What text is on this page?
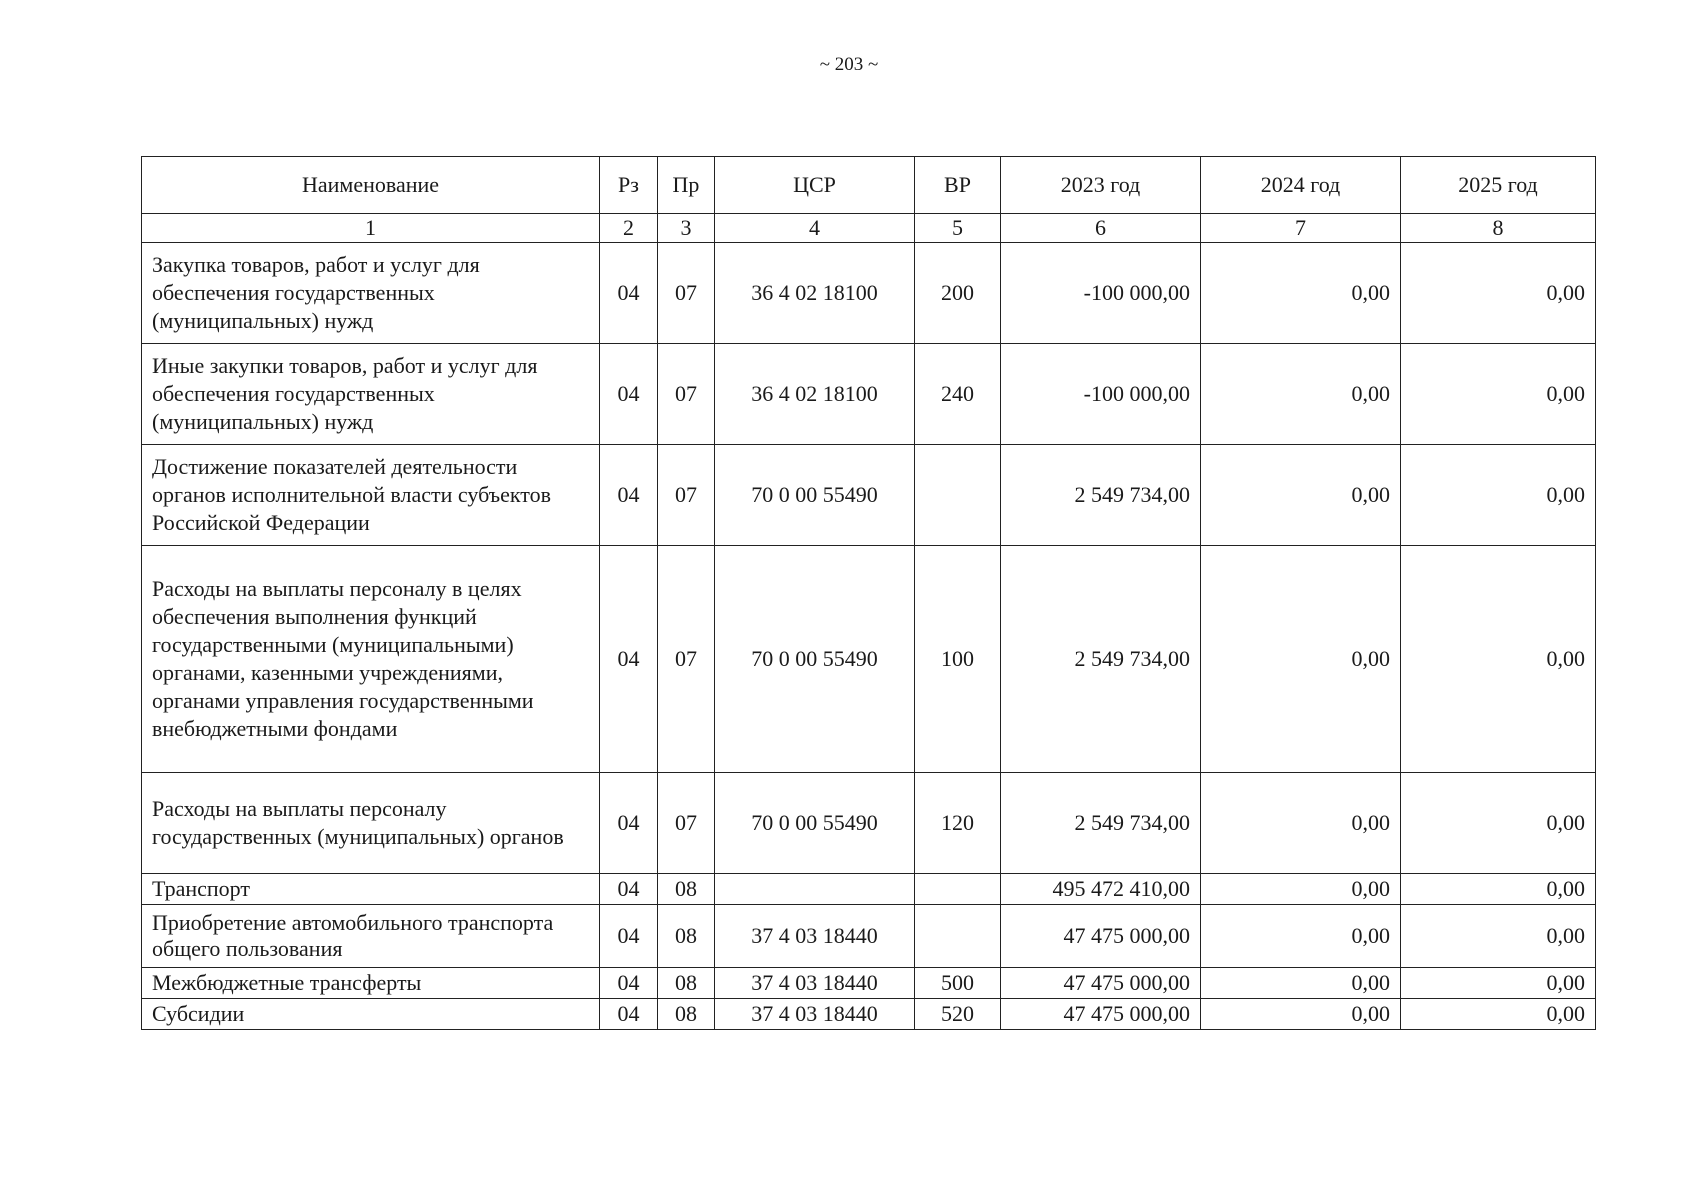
~ 203 ~
Наименование	Рз	Пр	ЦСР	ВР	2023 год	2024 год	2025 год
1	2	3	4	5	6	7	8
Закупка товаров, работ и услуг для обеспечения государственных (муниципальных) нужд	04	07	36 4 02 18100	200	-100 000,00	0,00	0,00
Иные закупки товаров, работ и услуг для обеспечения государственных (муниципальных) нужд	04	07	36 4 02 18100	240	-100 000,00	0,00	0,00
Достижение показателей деятельности органов исполнительной власти субъектов Российской Федерации	04	07	70 0 00 55490		2 549 734,00	0,00	0,00
Расходы на выплаты персоналу в целях обеспечения выполнения функций государственными (муниципальными) органами, казенными учреждениями, органами управления государственными внебюджетными фондами	04	07	70 0 00 55490	100	2 549 734,00	0,00	0,00
Расходы на выплаты персоналу государственных (муниципальных) органов	04	07	70 0 00 55490	120	2 549 734,00	0,00	0,00
Транспорт	04	08			495 472 410,00	0,00	0,00
Приобретение автомобильного транспорта общего пользования	04	08	37 4 03 18440		47 475 000,00	0,00	0,00
Межбюджетные трансферты	04	08	37 4 03 18440	500	47 475 000,00	0,00	0,00
Субсидии	04	08	37 4 03 18440	520	47 475 000,00	0,00	0,00
